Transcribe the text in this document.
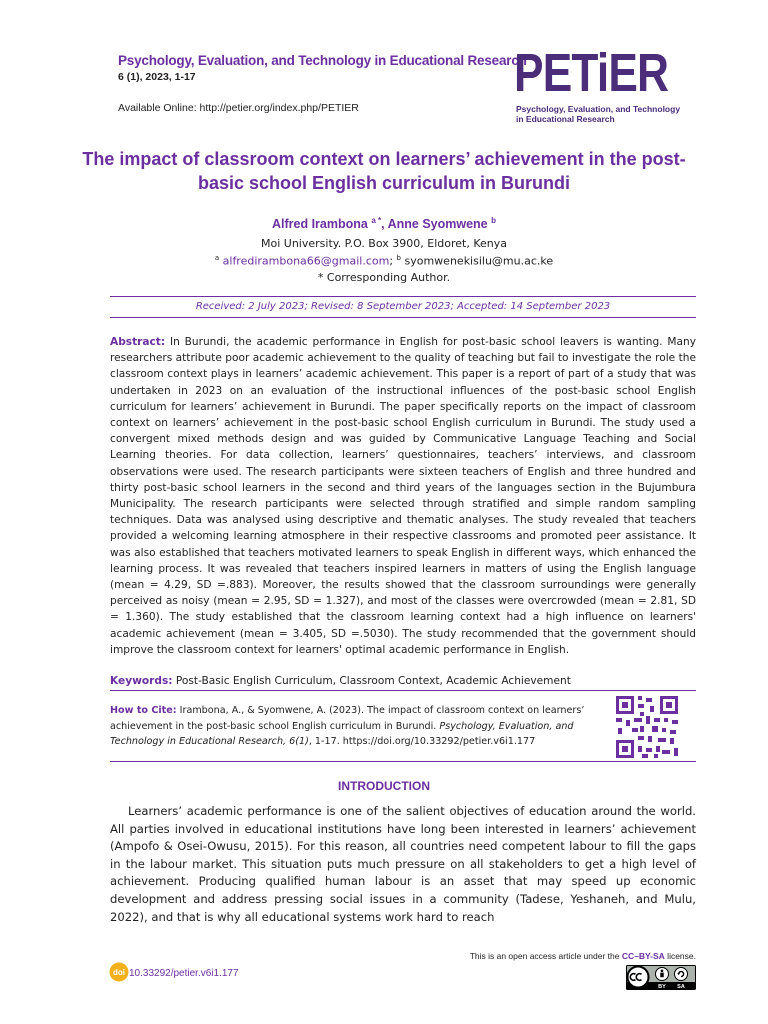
Psychology, Evaluation, and Technology in Educational Research
6 (1), 2023, 1-17
Available Online: http://petier.org/index.php/PETIER
PETiER
Psychology, Evaluation, and Technology
in Educational Research
The impact of classroom context on learners’ achievement in the post-basic school English curriculum in Burundi
Alfred Irambona $^{a *}$, Anne Syomwene $^b$
Moi University. P.O. Box 3900, Eldoret, Kenya
$^a$ alfredirambona66@gmail.com; $^b$ syomwenekisilu@mu.ac.ke
* Corresponding Author.
Received: 2 July 2023; Revised: 8 September 2023; Accepted: 14 September 2023
Abstract: In Burundi, the academic performance in English for post-basic school leavers is wanting. Many researchers attribute poor academic achievement to the quality of teaching but fail to investigate the role the classroom context plays in learners’ academic achievement. This paper is a report of part of a study that was undertaken in 2023 on an evaluation of the instructional influences of the post-basic school English curriculum for learners’ achievement in Burundi. The paper specifically reports on the impact of classroom context on learners’ achievement in the post-basic school English curriculum in Burundi. The study used a convergent mixed methods design and was guided by Communicative Language Teaching and Social Learning theories. For data collection, learners’ questionnaires, teachers’ interviews, and classroom observations were used. The research participants were sixteen teachers of English and three hundred and thirty post-basic school learners in the second and third years of the languages section in the Bujumbura Municipality. The research participants were selected through stratified and simple random sampling techniques. Data was analysed using descriptive and thematic analyses. The study revealed that teachers provided a welcoming learning atmosphere in their respective classrooms and promoted peer assistance. It was also established that teachers motivated learners to speak English in different ways, which enhanced the learning process. It was revealed that teachers inspired learners in matters of using the English language (mean = 4.29, SD =.883). Moreover, the results showed that the classroom surroundings were generally perceived as noisy (mean = 2.95, SD = 1.327), and most of the classes were overcrowded (mean = 2.81, SD = 1.360). The study established that the classroom learning context had a high influence on learners' academic achievement (mean = 3.405, SD =.5030). The study recommended that the government should improve the classroom context for learners' optimal academic performance in English.
Keywords: Post-Basic English Curriculum, Classroom Context, Academic Achievement
How to Cite: Irambona, A., & Syomwene, A. (2023). The impact of classroom context on learners’ achievement in the post-basic school English curriculum in Burundi. Psychology, Evaluation, and Technology in Educational Research, 6(1), 1-17. https://doi.org/10.33292/petier.v6i1.177
INTRODUCTION
Learners’ academic performance is one of the salient objectives of education around the world. All parties involved in educational institutions have long been interested in learners’ achievement (Ampofo & Osei-Owusu, 2015). For this reason, all countries need competent labour to fill the gaps in the labour market. This situation puts much pressure on all stakeholders to get a high level of achievement. Producing qualified human labour is an asset that may speed up economic development and address pressing social issues in a community (Tadese, Yeshaneh, and Mulu, 2022), and that is why all educational systems work hard to reach
This is an open access article under the CC–BY-SA license.
BY SA
doi 10.33292/petier.v6i1.177
